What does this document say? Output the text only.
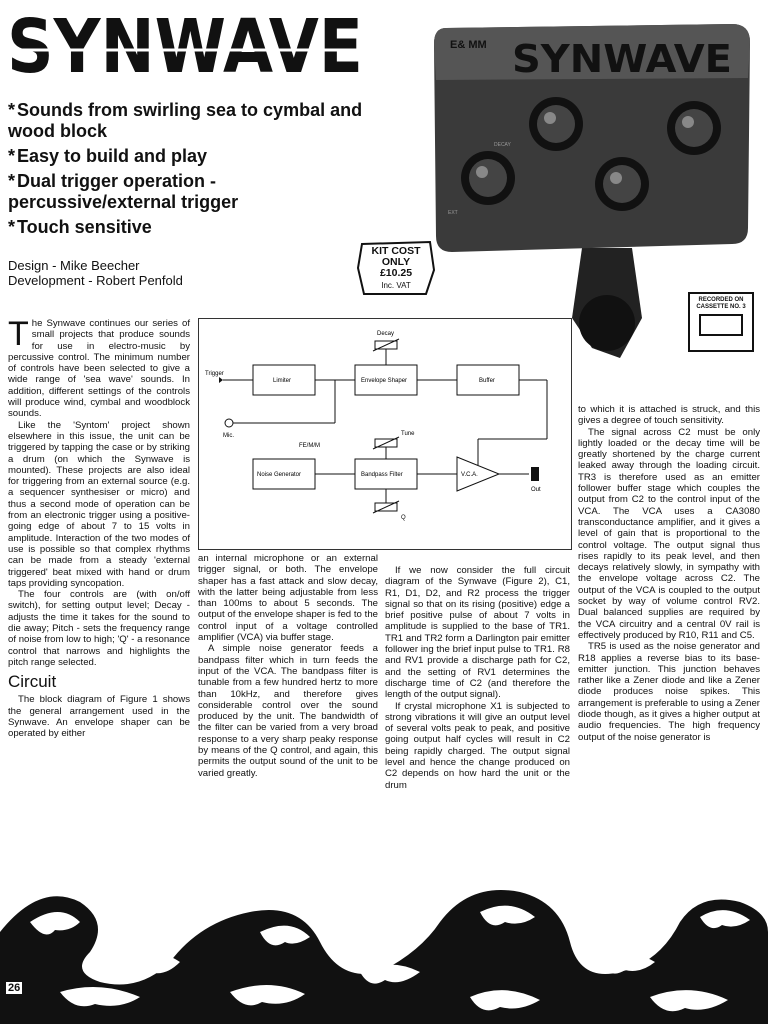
SYNWAVE
* Sounds from swirling sea to cymbal and wood block
* Easy to build and play
* Dual trigger operation - percussive/external trigger
* Touch sensitive
Design - Mike Beecher
Development - Robert Penfold
E& MM SYNWAVE
DECAY
EXT
KIT COST
ONLY
£10.25
Inc. VAT
RECORDED ON
CASSETTE NO. 3

The Synwave continues our series of small projects that produce sounds for use in electro-music by percussive control. The minimum number of controls have been selected to give a wide range of 'sea wave' sounds. In addition, different settings of the controls will produce wind, cymbal and woodblock sounds.

Like the 'Syntom' project shown elsewhere in this issue, the unit can be triggered by tapping the case or by striking a drum (on which the Synwave is mounted). These projects are also ideal for triggering from an external source (e.g. a sequencer synthesiser or micro) and thus a second mode of operation can be from an electronic trigger using a positive-going edge of about 7 to 15 volts in amplitude. Interaction of the two modes of use is possible so that complex rhythms can be made from a steady 'external triggered' beat mixed with hand or drum taps providing syncopation.

The four controls are (with on/off switch), for setting output level; Decay - adjusts the time it takes for the sound to die away; Pitch - sets the frequency range of noise from low to high; 'Q' - a resonance control that narrows and highlights the pitch range selected.

Circuit

The block diagram of Figure 1 shows the general arrangement used in the Synwave. An envelope shaper can be operated by either

Trigger
Mic.
Out
Limiter	Envelope Shaper	Buffer
Noise Generator	Bandpass Filter	V.C.A.
Decay
Tune
Q
FE/M/M

an internal microphone or an external trigger signal, or both. The envelope shaper has a fast attack and slow decay, with the latter being adjustable from less than 100ms to about 5 seconds. The output of the envelope shaper is fed to the control input of a voltage controlled amplifier (VCA) via buffer stage.

A simple noise generator feeds a bandpass filter which in turn feeds the input of the VCA. The bandpass filter is tunable from a few hundred hertz to more than 10kHz, and therefore gives considerable control over the sound produced by the unit. The bandwidth of the filter can be varied from a very broad response to a very sharp peaky response by means of the Q control, and again, this permits the output sound of the unit to be varied greatly.

If we now consider the full circuit diagram of the Synwave (Figure 2), C1, R1, D1, D2, and R2 process the trigger signal so that on its rising (positive) edge a brief positive pulse of about 7 volts in amplitude is supplied to the base of TR1. TR1 and TR2 form a Darlington pair emitter follower ing the brief input pulse to TR1. R8 and RV1 provide a discharge path for C2, and the setting of RV1 determines the discharge time of C2 (and therefore the length of the output signal).

If crystal microphone X1 is subjected to strong vibrations it will give an output level of several volts peak to peak, and positive going output half cycles will result in C2 being rapidly charged. The output signal level and hence the change produced on C2 depends on how hard the unit or the drum

to which it is attached is struck, and this gives a degree of touch sensitivity.

The signal across C2 must be only lightly loaded or the decay time will be greatly shortened by the charge current leaked away through the loading circuit. TR3 is therefore used as an emitter follower buffer stage which couples the output from C2 to the control input of the VCA. The VCA uses a CA3080 transconductance amplifier, and it gives a level of gain that is proportional to the control voltage. The output signal thus rises rapidly to its peak level, and then decays relatively slowly, in sympathy with the envelope voltage across C2. The output of the VCA is coupled to the output socket by way of volume control RV2. Dual balanced supplies are required by the VCA circuitry and a central 0V rail is effectively produced by R10, R11 and C5.

TR5 is used as the noise generator and R18 applies a reverse bias to its base-emitter junction. This junction behaves rather like a Zener diode and like a Zener diode produces noise spikes. This arrangement is preferable to using a Zener diode though, as it gives a higher output at audio frequencies. The high frequency output of the noise generator is

26
